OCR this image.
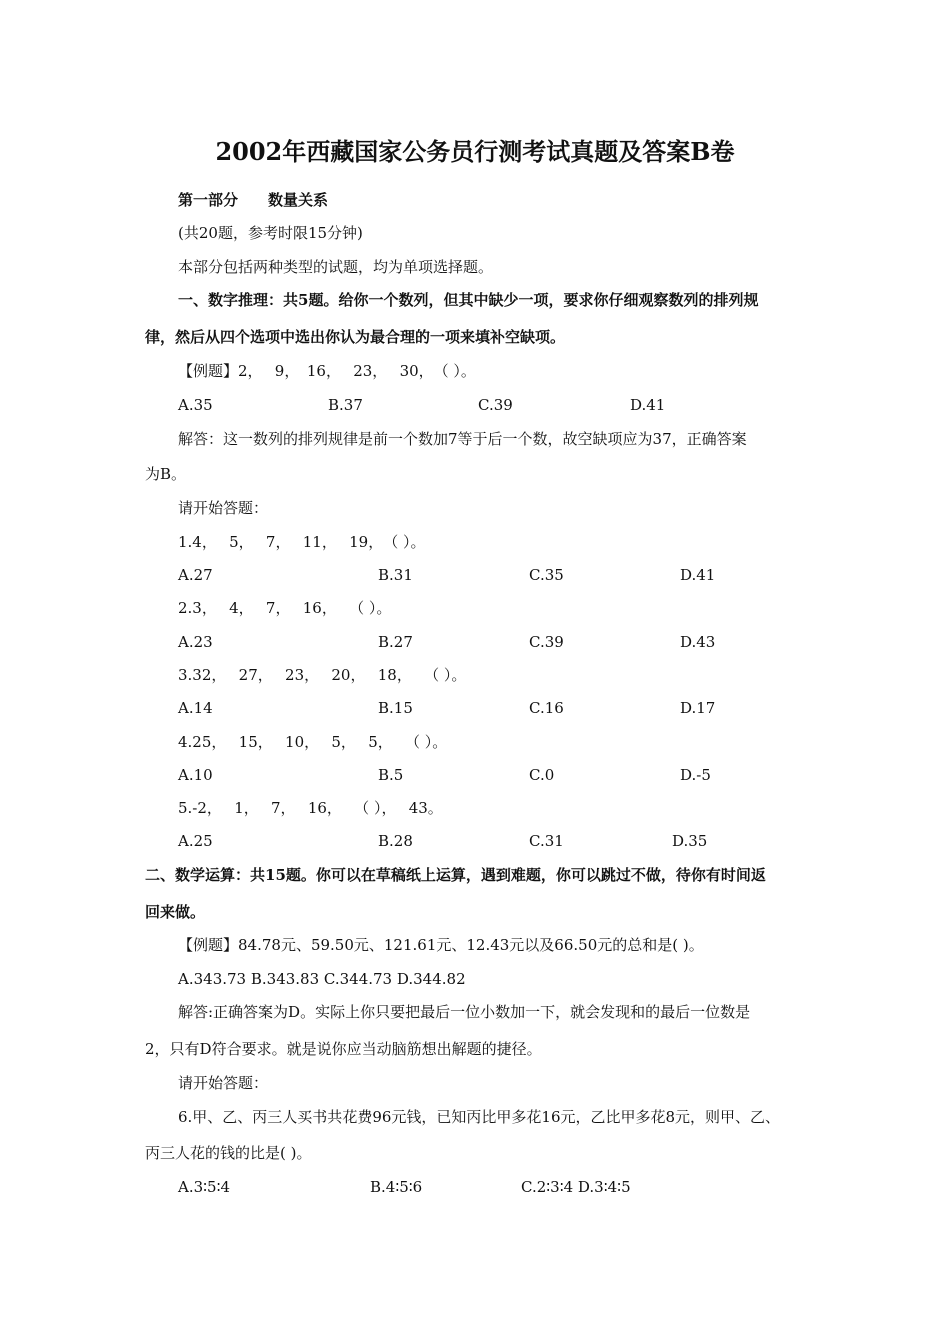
2002年西藏国家公务员行测考试真题及答案B卷
第一部分　　数量关系
(共20题，参考时限15分钟)
本部分包括两种类型的试题，均为单项选择题。
一、数字推理：共5题。给你一个数列，但其中缺少一项，要求你仔细观察数列的排列规
律，然后从四个选项中选出你认为最合理的一项来填补空缺项。
【例题】2，　 9，　16，　 23，　 30，　（ ）。
A.35	B.37	C.39	D.41
解答：这一数列的排列规律是前一个数加7等于后一个数，故空缺项应为37，正确答案
为B。
请开始答题：
1.4，　 5，　 7，　 11，　 19，　（ ）。
A.27	B.31	C.35	D.41
2.3，　 4，　 7，　 16，　 （ ）。
A.23	B.27	C.39	D.43
3.32，　 27，　 23，　 20，　 18，　 （ ）。
A.14	B.15	C.16	D.17
4.25，　 15，　 10，　 5，　 5，　 （ ）。
A.10	B.5	C.0	D.-5
5.-2，　 1，　 7，　 16，　 （ ），　 43。
A.25	B.28	C.31	D.35
二、数学运算：共15题。你可以在草稿纸上运算，遇到难题，你可以跳过不做，待你有时间返
回来做。
【例题】84.78元、59.50元、121.61元、12.43元以及66.50元的总和是( )。
A.343.73 B.343.83 C.344.73 D.344.82
解答:正确答案为D。实际上你只要把最后一位小数加一下，就会发现和的最后一位数是
2，只有D符合要求。就是说你应当动脑筋想出解题的捷径。
请开始答题：
6.甲、乙、丙三人买书共花费96元钱，已知丙比甲多花16元，乙比甲多花8元，则甲、乙、
丙三人花的钱的比是( )。
A.3∶5∶4	B.4∶5∶6	C.2∶3∶4 D.3∶4∶5
